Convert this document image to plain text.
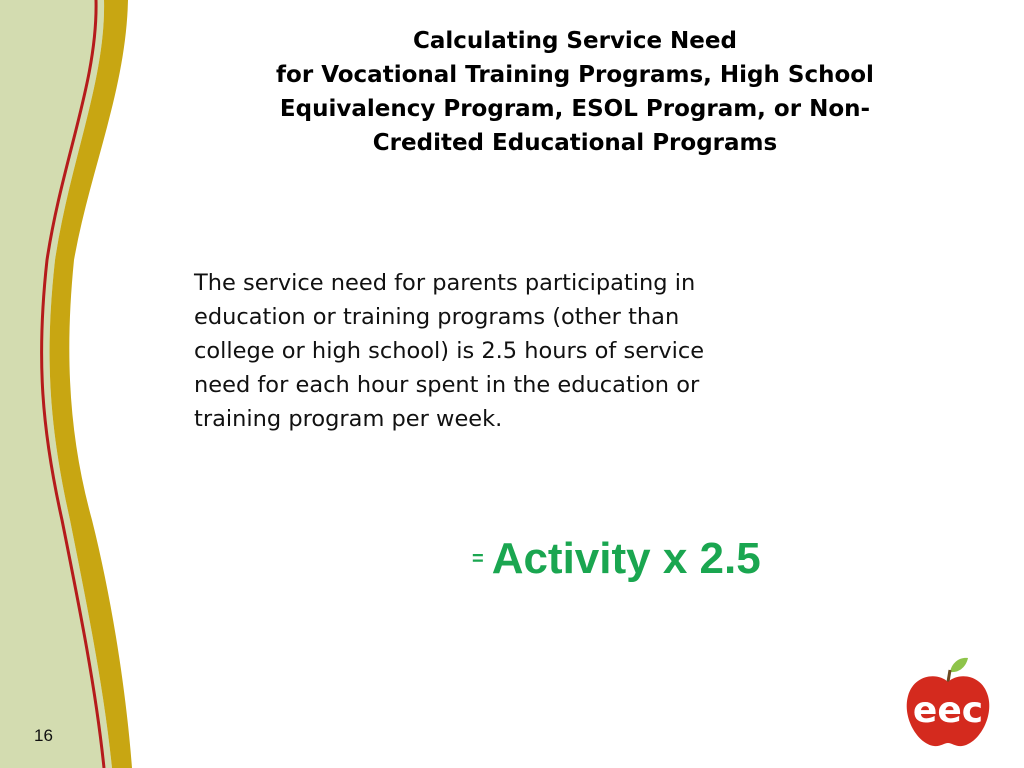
Calculating Service Need
for Vocational Training Programs, High School
Equivalency Program, ESOL Program, or Non-
Credited Educational Programs
The service need for parents participating in
education or training programs (other than
college or high school) is 2.5 hours of service
need for each hour spent in the education or
training program per week.
= Activity x 2.5
16
eec
